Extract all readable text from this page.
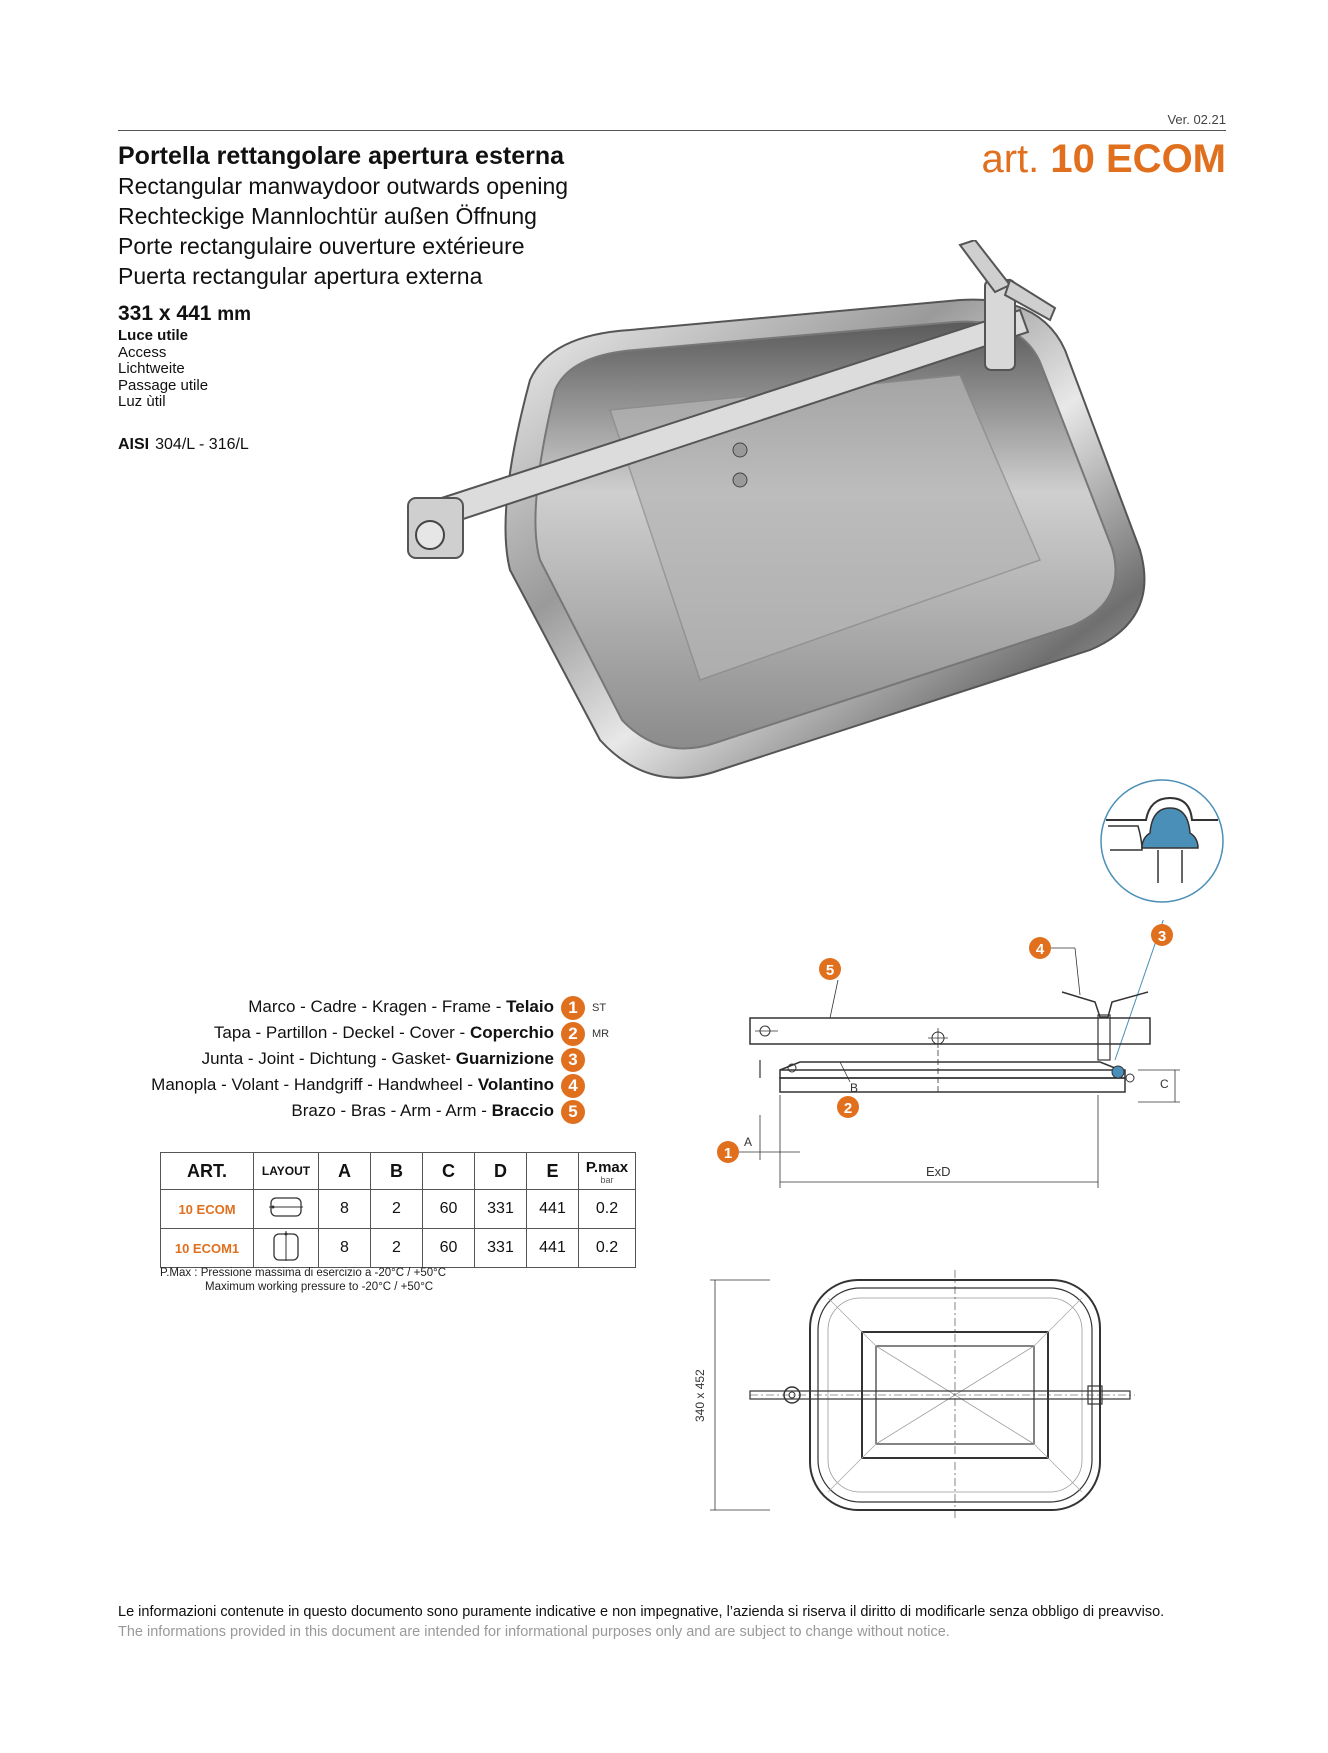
Ver. 02.21
Portella rettangolare apertura esterna
Rectangular manwaydoor outwards opening
Rechteckige Mannlochtür außen Öffnung
Porte rectangulaire ouverture extérieure
Puerta rectangular apertura externa
art. 10 ECOM
331 x 441 mm
Luce utile
Access
Lichtweite
Passage utile
Luz ùtil
AISI 304/L - 316/L
Marco - Cadre - Kragen - Frame - Telaio 1	ST
Tapa - Partillon - Deckel - Cover - Coperchio 2	MR
Junta - Joint - Dichtung - Gasket- Guarnizione 3
Manopla - Volant - Handgriff - Handwheel - Volantino 4
Brazo - Bras - Arm - Arm - Braccio 5
ART.	LAYOUT	A	B	C	D	E	P.max
bar

10 ECOM		8	2	60	331	441	0.2
10 ECOM1		8	2	60	331	441	0.2
P.Max : Pressione massima di esercizio a -20°C / +50°C
Maximum working pressure to -20°C / +50°C
B	C
ExD
A
5
4
3
2
1
340 x 452
Le informazioni contenute in questo documento sono puramente indicative e non impegnative, l’azienda si riserva il diritto di modificarle senza obbligo di preavviso.
The informations provided in this document are intended for informational purposes only and are subject to change without notice.
